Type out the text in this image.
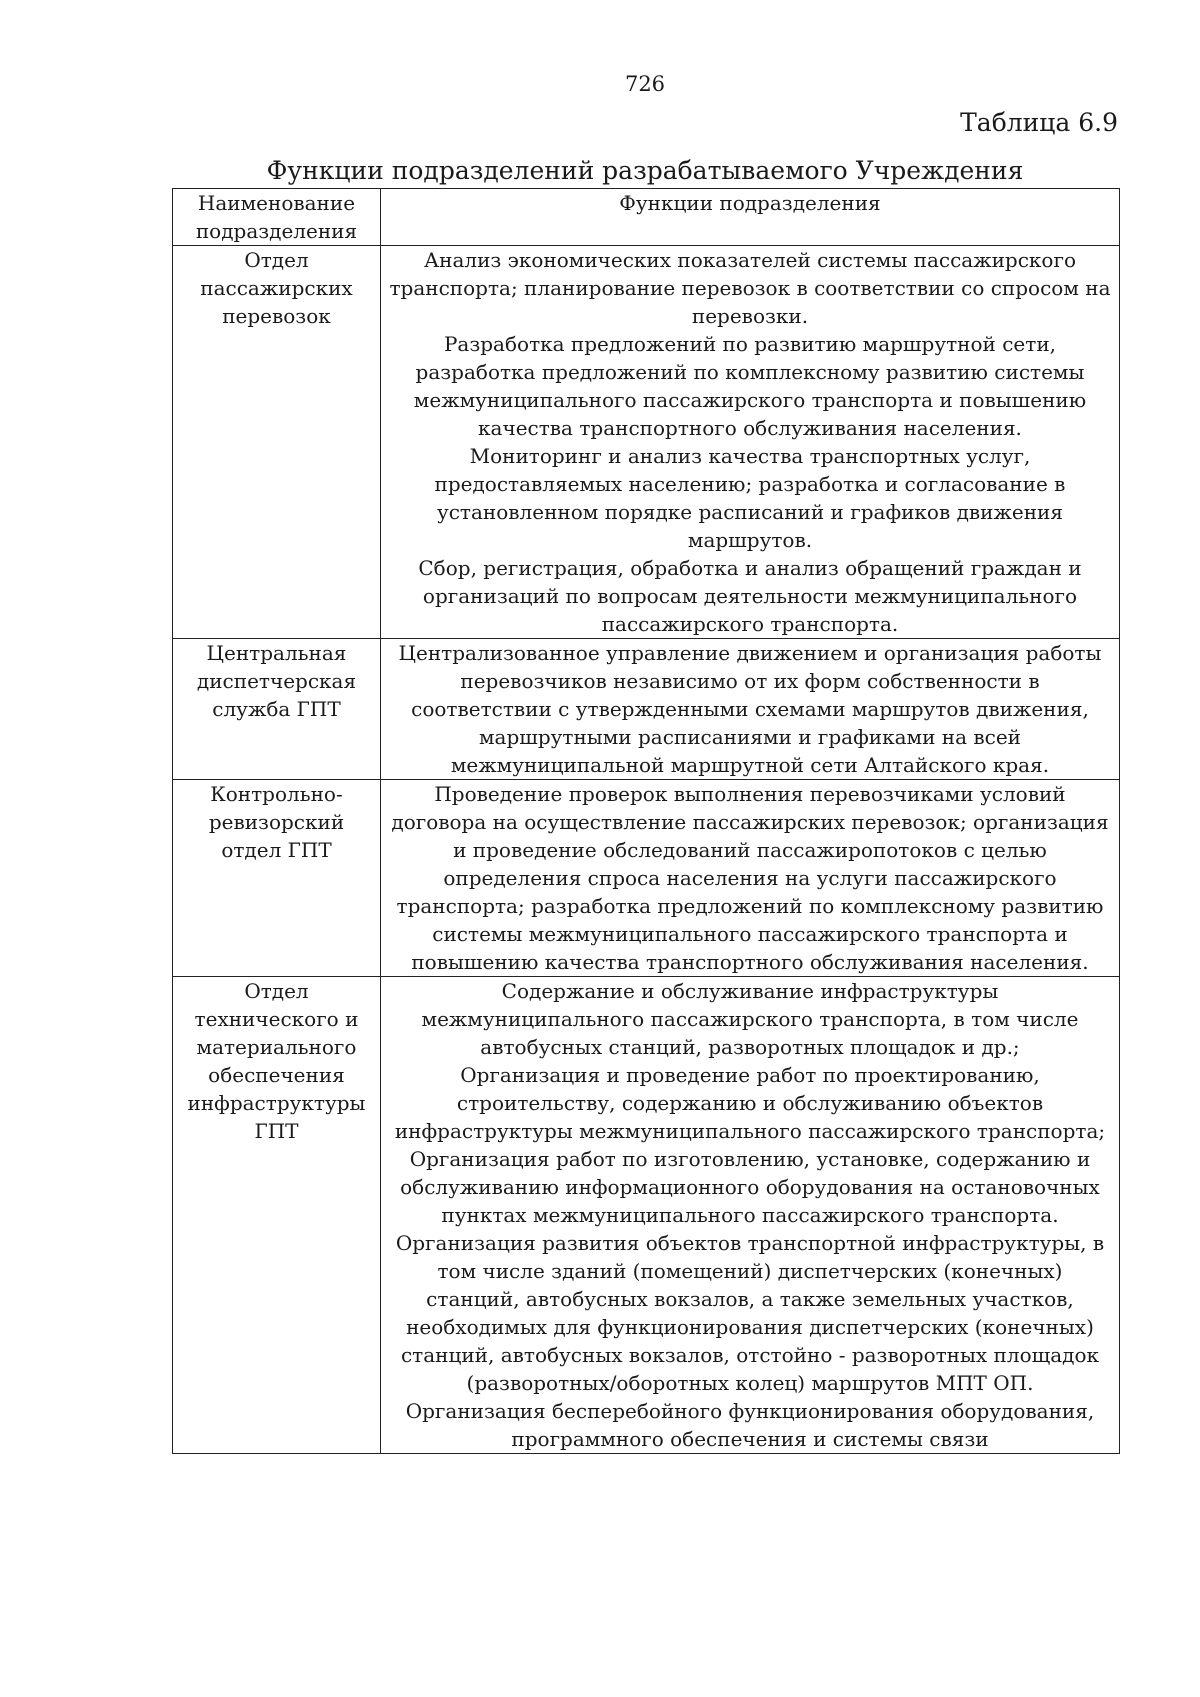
726
Таблица 6.9
Функции подразделений разрабатываемого Учреждения
Наименование подразделения	Функции подразделения
Отдел пассажирских перевозок	Анализ экономических показателей системы пассажирского транспорта; планирование перевозок в соответствии со спросом на перевозки.
Разработка предложений по развитию маршрутной сети, разработка предложений по комплексному развитию системы межмуниципального пассажирского транспорта и повышению качества транспортного обслуживания населения.
Мониторинг и анализ качества транспортных услуг, предоставляемых населению; разработка и согласование в установленном порядке расписаний и графиков движения маршрутов.
Сбор, регистрация, обработка и анализ обращений граждан и организаций по вопросам деятельности межмуниципального пассажирского транспорта.

Центральная диспетчерская служба ГПТ	Централизованное управление движением и организация работы перевозчиков независимо от их форм собственности в соответствии с утвержденными схемами маршрутов движения, маршрутными расписаниями и графиками на всей межмуниципальной маршрутной сети Алтайского края.

Контрольно-ревизорский отдел ГПТ	Проведение проверок выполнения перевозчиками условий договора на осуществление пассажирских перевозок; организация и проведение обследований пассажиропотоков с целью определения спроса населения на услуги пассажирского транспорта; разработка предложений по комплексному развитию системы межмуниципального пассажирского транспорта и повышению качества транспортного обслуживания населения.

Отдел технического и материального обеспечения инфраструктуры ГПТ	Содержание и обслуживание инфраструктуры межмуниципального пассажирского транспорта, в том числе автобусных станций, разворотных площадок и др.;
Организация и проведение работ по проектированию, строительству, содержанию и обслуживанию объектов инфраструктуры межмуниципального пассажирского транспорта;
Организация работ по изготовлению, установке, содержанию и обслуживанию информационного оборудования на остановочных пунктах межмуниципального пассажирского транспорта.
Организация развития объектов транспортной инфраструктуры, в том числе зданий (помещений) диспетчерских (конечных) станций, автобусных вокзалов, а также земельных участков, необходимых для функционирования диспетчерских (конечных) станций, автобусных вокзалов, отстойно - разворотных площадок (разворотных/оборотных колец) маршрутов МПТ ОП.
Организация бесперебойного функционирования оборудования, программного обеспечения и системы связи
